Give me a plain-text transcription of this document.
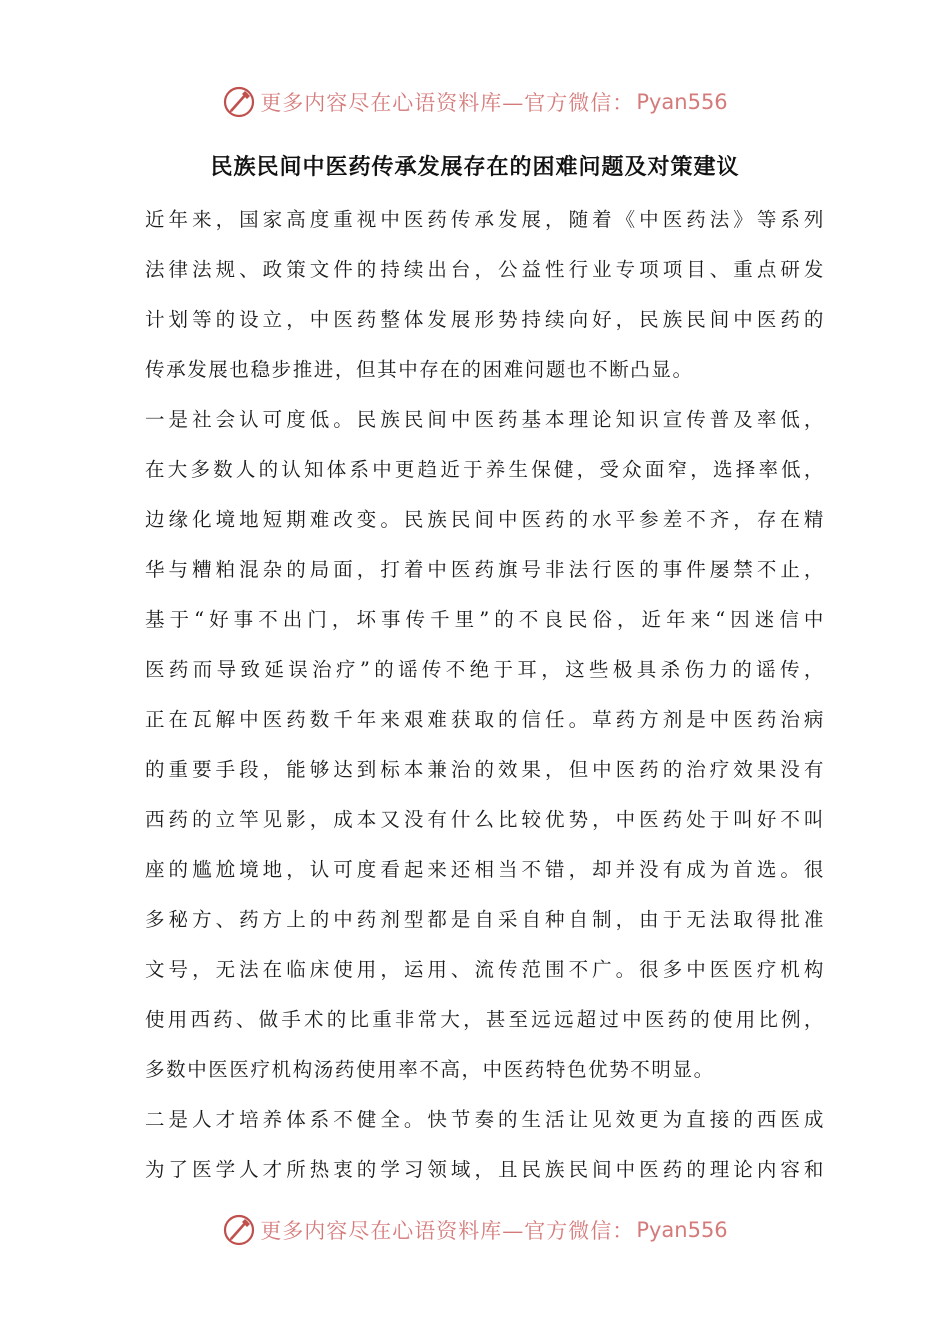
更多内容尽在心语资料库—官方微信： Pyan556
民族民间中医药传承发展存在的困难问题及对策建议
近年来，国家高度重视中医药传承发展，随着《中医药法》等系列
法律法规、政策文件的持续出台，公益性行业专项项目、重点研发
计划等的设立，中医药整体发展形势持续向好，民族民间中医药的
传承发展也稳步推进，但其中存在的困难问题也不断凸显。
一是社会认可度低。民族民间中医药基本理论知识宣传普及率低，
在大多数人的认知体系中更趋近于养生保健，受众面窄，选择率低，
边缘化境地短期难改变。民族民间中医药的水平参差不齐，存在精
华与糟粕混杂的局面，打着中医药旗号非法行医的事件屡禁不止，
基于“好事不出门，坏事传千里”的不良民俗，近年来“因迷信中
医药而导致延误治疗”的谣传不绝于耳，这些极具杀伤力的谣传，
正在瓦解中医药数千年来艰难获取的信任。草药方剂是中医药治病
的重要手段，能够达到标本兼治的效果，但中医药的治疗效果没有
西药的立竿见影，成本又没有什么比较优势，中医药处于叫好不叫
座的尴尬境地，认可度看起来还相当不错，却并没有成为首选。很
多秘方、药方上的中药剂型都是自采自种自制，由于无法取得批准
文号，无法在临床使用，运用、流传范围不广。很多中医医疗机构
使用西药、做手术的比重非常大，甚至远远超过中医药的使用比例，
多数中医医疗机构汤药使用率不高，中医药特色优势不明显。
二是人才培养体系不健全。快节奏的生活让见效更为直接的西医成
为了医学人才所热衷的学习领域，且民族民间中医药的理论内容和
更多内容尽在心语资料库—官方微信： Pyan556
